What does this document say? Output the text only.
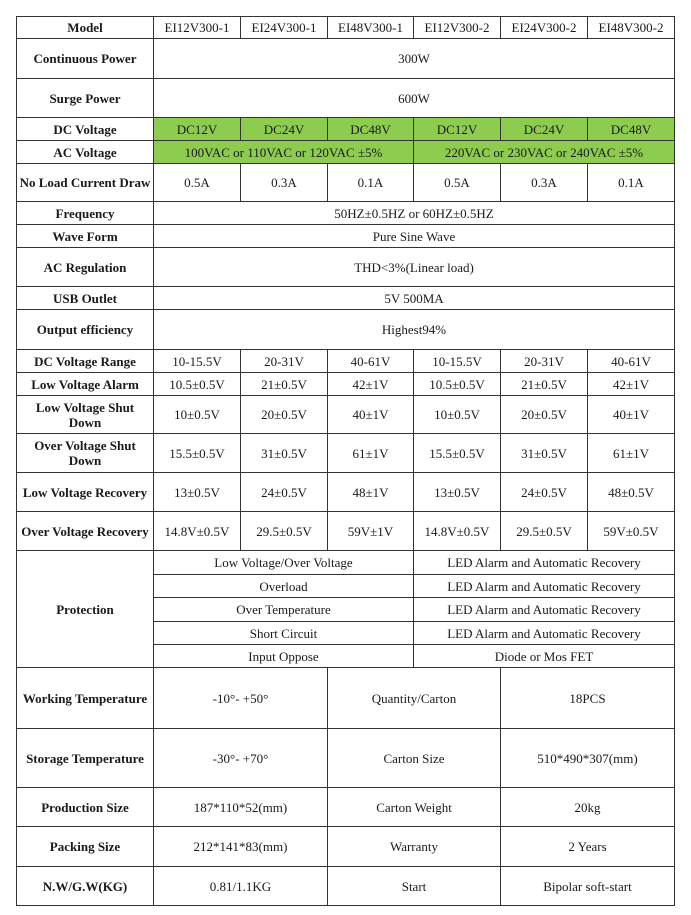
Model	EI12V300-1	EI24V300-1	EI48V300-1	EI12V300-2	EI24V300-2	EI48V300-2
Continuous Power	300W					
Surge Power	600W					
DC Voltage	DC12V	DC24V	DC48V	DC12V	DC24V	DC48V
AC Voltage	100VAC or 110VAC or 120VAC ±5%			220VAC or 230VAC or 240VAC ±5%		
No Load Current Draw	0.5A	0.3A	0.1A	0.5A	0.3A	0.1A
Frequency	50HZ±0.5HZ or 60HZ±0.5HZ					
Wave Form	Pure Sine Wave					
AC Regulation	THD<3%(Linear load)					
USB Outlet	5V 500MA					
Output efficiency	Highest94%					
DC Voltage Range	10-15.5V	20-31V	40-61V	10-15.5V	20-31V	40-61V
Low Voltage Alarm	10.5±0.5V	21±0.5V	42±1V	10.5±0.5V	21±0.5V	42±1V
Low Voltage Shut Down	10±0.5V	20±0.5V	40±1V	10±0.5V	20±0.5V	40±1V
Over Voltage Shut Down	15.5±0.5V	31±0.5V	61±1V	15.5±0.5V	31±0.5V	61±1V
Low Voltage Recovery	13±0.5V	24±0.5V	48±1V	13±0.5V	24±0.5V	48±0.5V
Over Voltage Recovery	14.8V±0.5V	29.5±0.5V	59V±1V	14.8V±0.5V	29.5±0.5V	59V±0.5V
Protection	Low Voltage/Over Voltage			LED Alarm and Automatic Recovery		
	Overload			LED Alarm and Automatic Recovery		
	Over Temperature			LED Alarm and Automatic Recovery		
	Short Circuit			LED Alarm and Automatic Recovery		
	Input Oppose			Diode or Mos FET		
Working Temperature	-10°- +50°		Quantity/Carton		18PCS	
Storage Temperature	-30°- +70°		Carton Size		510*490*307(mm)	
Production Size	187*110*52(mm)		Carton Weight		20kg	
Packing Size	212*141*83(mm)		Warranty		2 Years	
N.W/G.W(KG)	0.81/1.1KG		Start		Bipolar soft-start	
